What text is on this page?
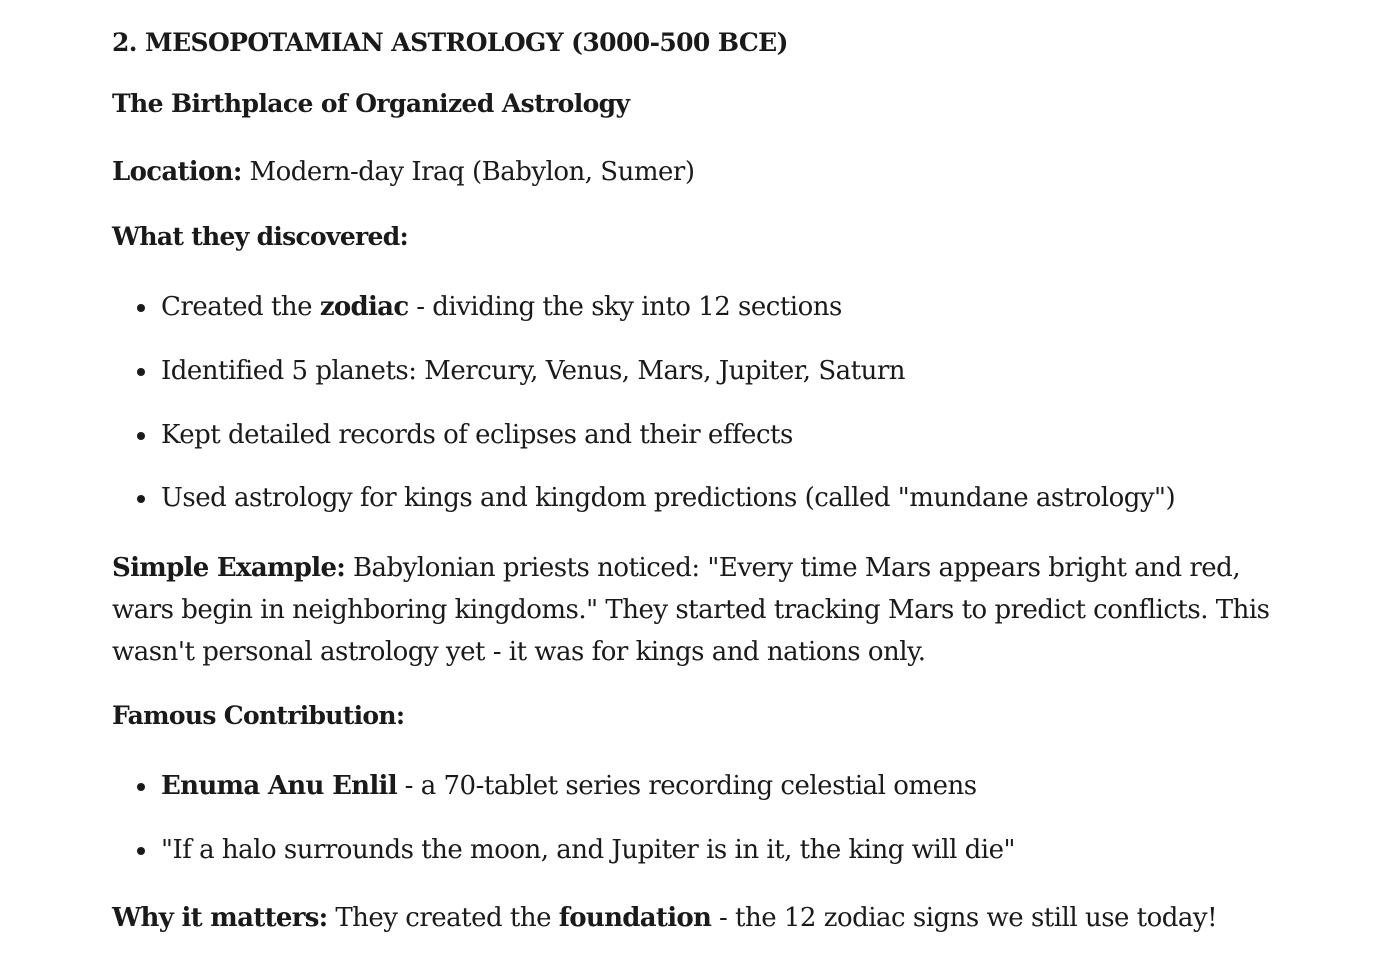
2. MESOPOTAMIAN ASTROLOGY (3000-500 BCE)
The Birthplace of Organized Astrology
Location: Modern-day Iraq (Babylon, Sumer)
What they discovered:
Created the zodiac - dividing the sky into 12 sections
Identified 5 planets: Mercury, Venus, Mars, Jupiter, Saturn
Kept detailed records of eclipses and their effects
Used astrology for kings and kingdom predictions (called "mundane astrology")
Simple Example: Babylonian priests noticed: "Every time Mars appears bright and red, wars begin in neighboring kingdoms." They started tracking Mars to predict conflicts. This wasn't personal astrology yet - it was for kings and nations only.
Famous Contribution:
Enuma Anu Enlil - a 70-tablet series recording celestial omens
"If a halo surrounds the moon, and Jupiter is in it, the king will die"
Why it matters: They created the foundation - the 12 zodiac signs we still use today!
